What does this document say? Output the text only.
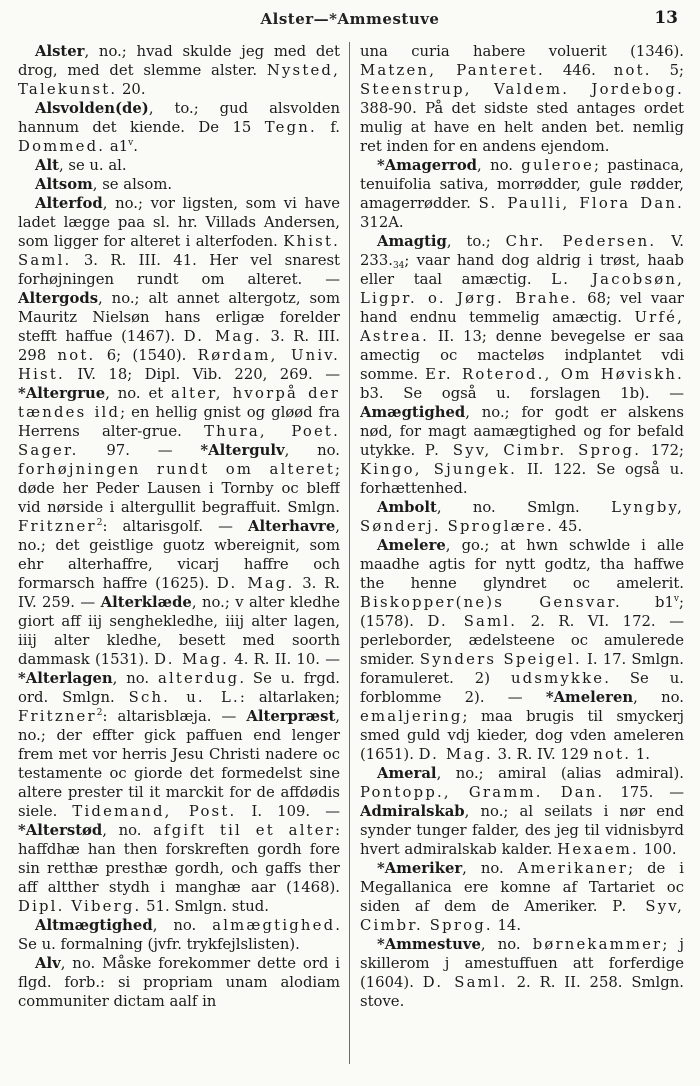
Alster—*Ammestuve	13

Alster, no.; hvad skulde jeg med det drog, med det slemme alster. Nysted, Talekunst. 20.

Alsvolden(de), to.; gud alsvolden hannum det kiende. De 15 Tegn. f. Dommed. a1$^v$.

Alt, se u. al.

Altsom, se alsom.

Alterfod, no.; vor ligsten, som vi have ladet lægge paa sl. hr. Villads Andersen, som ligger for alteret i alterfoden. Khist. Saml. 3. R. III. 41. Her vel snarest forhøjningen rundt om alteret. — Altergods, no.; alt annet altergotz, som Mauritz Nielsøn hans erligæ forelder stefft haffue (1467). D. Mag. 3. R. III. 298 not. 6; (1540). Rørdam, Univ. Hist. IV. 18; Dipl. Vib. 220, 269. — *Altergrue, no. et alter, hvorpå der tændes ild; en hellig gnist og gløød fra Herrens alter-grue. Thura, Poet. Sager. 97. — *Altergulv, no. forhøjningen rundt om alteret; døde her Peder Lausen i Tornby oc bleff vid nørside i altergullit begraffuit. Smlgn. Fritzner$^2$: altarisgolf. — Alterhavre, no.; det geistlige guotz wbereignit, som ehr alterhaffre, vicarj haffre och formarsch haffre (1625). D. Mag. 3. R. IV. 259. — Alterklæde, no.; v alter kledhe giort aff iij senghekledhe, iiij alter lagen, iiij alter kledhe, besett med soorth dammask (1531). D. Mag. 4. R. II. 10. — *Alterlagen, no. alterdug. Se u. frgd. ord. Smlgn. Sch. u. L.: altarlaken; Fritzner$^2$: altarisblæja. — Alterpræst, no.; der effter gick paffuen end lenger frem met vor herris Jesu Christi nadere oc testamente oc giorde det formedelst sine altere prester til it marckit for de affdødis siele. Tidemand, Post. I. 109. — *Alterstød, no. afgift til et alter: haffdhæ han then forskreften gordh fore sin retthæ presthæ gordh, och gaffs ther aff altther stydh i manghæ aar (1468). Dipl. Viberg. 51. Smlgn. stud.

Altmægtighed, no. almægtighed. Se u. formalning (jvfr. trykfejlslisten).

Alv, no. Måske forekommer dette ord i flgd. forb.: si propriam unam alodiam communiter dictam aalf in

una curia habere voluerit (1346). Matzen, Panteret. 446. not. 5; Steenstrup, Valdem. Jordebog. 388-90. På det sidste sted antages ordet mulig at have en helt anden bet. nemlig ret inden for en andens ejendom.

*Amagerrod, no. guleroe; pastinaca, tenuifolia sativa, morrødder, gule rødder, amagerrødder. S. Paulli, Flora Dan. 312A.

Amagtig, to.; Chr. Pedersen. V. $233._{34}$; vaar hand dog aldrig i trøst, haab eller taal amæctig. L. Jacobsøn, Ligpr. o. Jørg. Brahe. 68; vel vaar hand endnu temmelig amæctig. Urfé, Astrea. II. 13; denne bevegelse er saa amectig oc macteløs indplantet vdi somme. Er. Roterod., Om Høviskh. b3. Se også u. forslagen 1b). — Amægtighed, no.; for godt er alskens nød, for magt aamægtighed og for befald utykke. P. Syv, Cimbr. Sprog. 172; Kingo, Sjungek. II. 122. Se også u. forhættenhed.

Ambolt, no. Smlgn. Lyngby, Sønderj. Sproglære. 45.

Amelere, go.; at hwn schwlde i alle maadhe agtis for nytt godtz, tha haffwe the henne glyndret oc amelerit. Biskopper(ne)s Gensvar. b1$^v$; (1578). D. Saml. 2. R. VI. 172. — perleborder, ædelsteene oc amulerede smider. Synders Speigel. I. 17. Smlgn. foramuleret. 2) udsmykke. Se u. forblomme 2). — *Ameleren, no. emaljering; maa brugis til smyckerj smed guld vdj kieder, dog vden ameleren (1651). D. Mag. 3. R. IV. 129 not. 1.

Ameral, no.; amiral (alias admiral). Pontopp., Gramm. Dan. 175. — Admiralskab, no.; al seilats i nør end synder tunger falder, des jeg til vidnisbyrd hvert admiralskab kalder. Hexaem. 100.

*Ameriker, no. Amerikaner; de i Megallanica ere komne af Tartariet oc siden af dem de Ameriker. P. Syv, Cimbr. Sprog. 14.

*Ammestuve, no. børnekammer; j skillerom j amestuffuen att forferdige (1604). D. Saml. 2. R. II. 258. Smlgn. stove.
